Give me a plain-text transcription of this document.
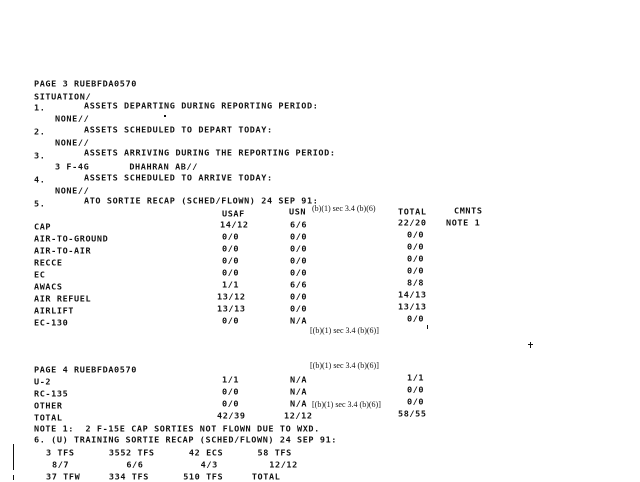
PAGE 3 RUEBFDA0570
SITUATION/
1.	ASSETS DEPARTING DURING REPORTING PERIOD:
NONE//
2.	ASSETS SCHEDULED TO DEPART TODAY:
NONE//
3.	ASSETS ARRIVING DURING THE REPORTING PERIOD:
3 F-4G       DHAHRAN AB//
4.	ASSETS SCHEDULED TO ARRIVE TODAY:
NONE//
5.	ATO SORTIE RECAP (SCHED/FLOWN) 24 SEP 91:
(b)(1) sec 3.4 (b)(6)
[(b)(1) sec 3.4 (b)(6)]
USAF	USN	TOTAL	CMNTS
CAP	14/12	6/6	22/20 NOTE 1
AIR-TO-GROUND	0/0	0/0	0/0
AIR-TO-AIR	0/0	0/0	0/0
RECCE	0/0	0/0	0/0
EC	0/0	0/0	0/0
AWACS	1/1	6/6	8/8
AIR REFUEL	13/12	0/0	14/13
AIRLIFT	13/13	0/0	13/13
EC-130	0/0	N/A	0/0
[(b)(1) sec 3.4 (b)(6)]
PAGE 4 RUEBFDA0570
U-2	1/1	N/A	1/1
RC-135	0/0	N/A	0/0
OTHER	0/0	N/A [(b)(1) sec 3.4 (b)(6)]	0/0
TOTAL	42/39	12/12	58/55
NOTE 1:  2 F-15E CAP SORTIES NOT FLOWN DUE TO WXD.
6. (U) TRAINING SORTIE RECAP (SCHED/FLOWN) 24 SEP 91:
3 TFS      3552 TFS      42 ECS      58 TFS
8/7          6/6          4/3         12/12
37 TFW     334 TFS      510 TFS     TOTAL
